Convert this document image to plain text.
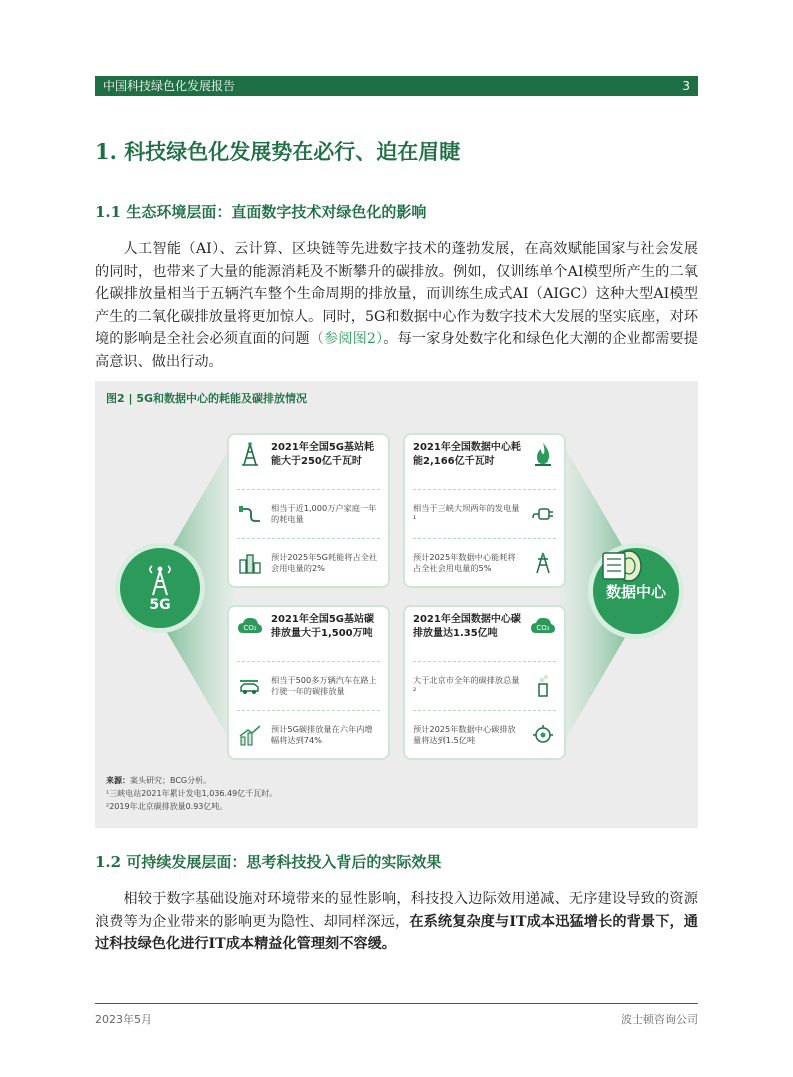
中国科技绿色化发展报告	3
1. 科技绿色化发展势在必行、迫在眉睫
1.1 生态环境层面：直面数字技术对绿色化的影响

人工智能（AI）、云计算、区块链等先进数字技术的蓬勃发展，在高效赋能国家与社会发展的同时，也带来了大量的能源消耗及不断攀升的碳排放。例如，仅训练单个AI模型所产生的二氧化碳排放量相当于五辆汽车整个生命周期的排放量，而训练生成式AI（AIGC）这种大型AI模型产生的二氧化碳排放量将更加惊人。同时，5G和数据中心作为数字技术大发展的坚实底座，对环境的影响是全社会必须直面的问题（参阅图2）。每一家身处数字化和绿色化大潮的企业都需要提高意识、做出行动。

图2 | 5G和数据中心的耗能及碳排放情况
5G
数据中心
2021年全国5G基站耗能大于250亿千瓦时
相当于近1,000万户家庭一年的耗电量
预计2025年5G耗能将占全社会用电量的2%
2021年全国数据中心耗能2,166亿千瓦时
相当于三峡大坝两年的发电量¹
预计2025年数据中心能耗将占全社会用电量的5%
CO₂
2021年全国5G基站碳排放量大于1,500万吨
相当于500多万辆汽车在路上行驶一年的碳排放量
预计5G碳排放量在六年内增幅将达到74%
2021年全国数据中心碳排放量达1.35亿吨	CO₂
大于北京市全年的碳排放总量²
预计2025年数据中心碳排放量将达到1.5亿吨
来源：案头研究；BCG分析。
¹三峡电站2021年累计发电1,036.49亿千瓦时。
²2019年北京碳排放量0.93亿吨。
1.2 可持续发展层面：思考科技投入背后的实际效果

相较于数字基础设施对环境带来的显性影响，科技投入边际效用递减、无序建设导致的资源浪费等为企业带来的影响更为隐性、却同样深远，在系统复杂度与IT成本迅猛增长的背景下，通过科技绿色化进行IT成本精益化管理刻不容缓。

2023年5月	波士顿咨询公司
